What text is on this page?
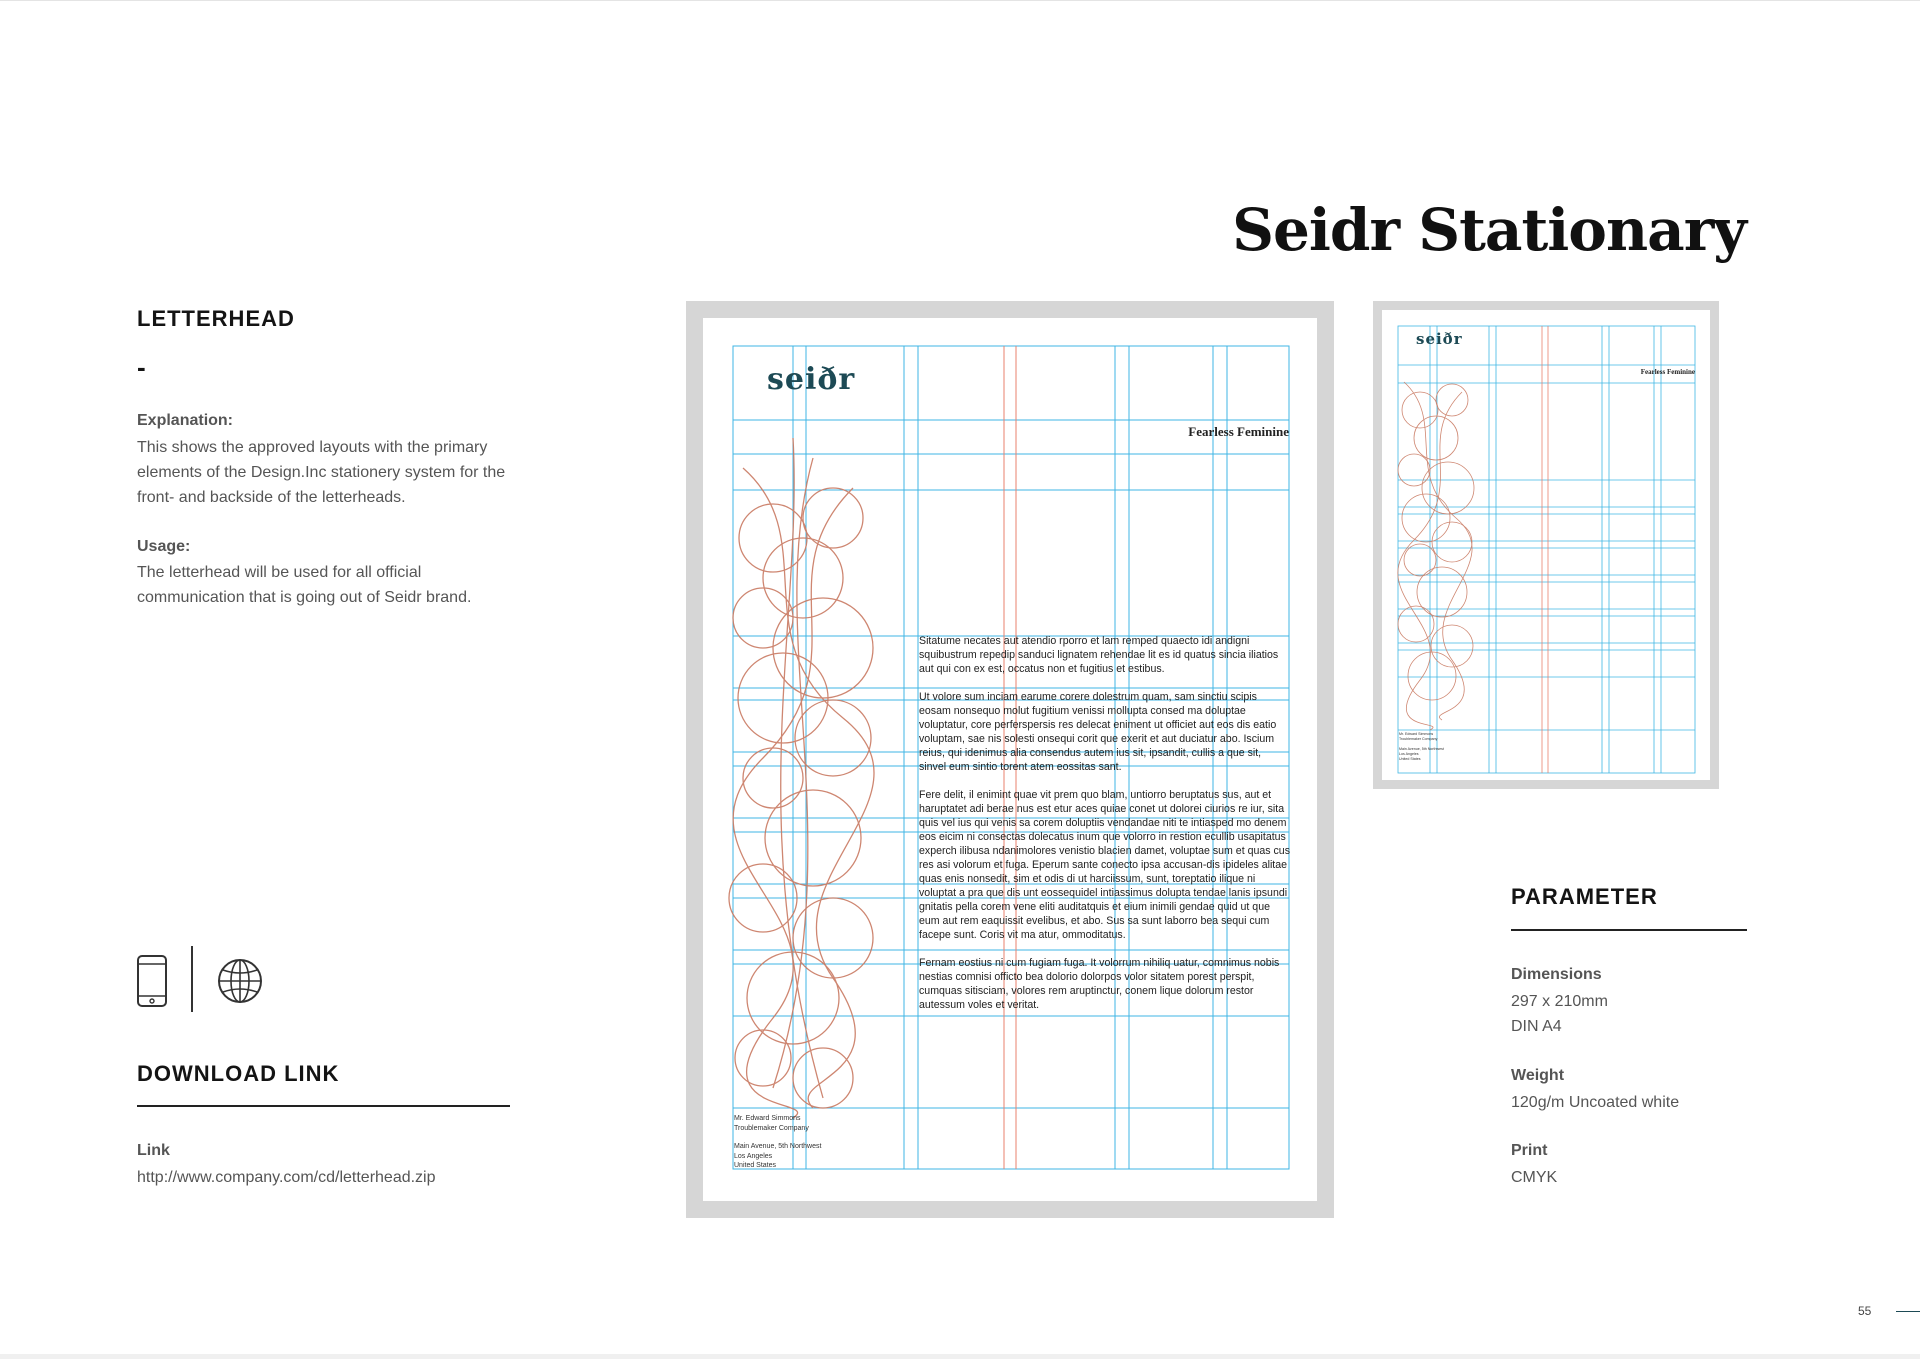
Seidr Stationary
LETTERHEAD
-
Explanation:
This shows the approved layouts with the primary elements of the Design.Inc stationery system for the front- and backside of the letterheads.
Usage:
The letterhead will be used for all official communication that is going out of Seidr brand.
DOWNLOAD LINK
Link
http://www.company.com/cd/letterhead.zip
seiðr
Fearless Feminine

Sitatume necates aut atendio rporro et lam remped quaecto idi andigni squibustrum repedip sanduci lignatem rehendae lit es id quatus sincia iliatios aut qui con ex est, occatus non et fugitius et estibus.

Ut volore sum inciam earume corere dolestrum quam, sam sinctiu scipis eosam nonsequo molut fugitium venissi mollupta consed ma doluptae voluptatur, core perferspersis res delecat eniment ut officiet aut eos dis eatio voluptam, sae nis solesti onsequi corit que exerit et aut duciatur abo. Iscium reius, qui idenimus alia consendus autem ius sit, ipsandit, cullis a que sit, sinvel eum sintio torent atem eossitas sant.

Fere delit, il enimint quae vit prem quo blam, untiorro beruptatus sus, aut et haruptatet adi berae nus est etur aces quiae conet ut dolorei ciurios re iur, sita quis vel ius qui venis sa corem doluptiis vendandae niti te intiasped mo denem eos eicim ni consectas dolecatus inum que volorro in restion ecullib usapitatus experch ilibusa ndanimolores venistio blacien damet, voluptae sum et quas cus res asi volorum et fuga. Eperum sante conecto ipsa accusan-dis ipideles alitae quas enis nonsedit, sim et odis di ut harciissum, sunt, toreptatio ilique ni voluptat a pra que dis unt eossequidel intiassimus dolupta tendae lanis ipsundi gnitatis pella corem vene eliti auditatquis et eium inimili gendae quid ut que eum aut rem eaquissit evelibus, et abo. Sus sa sunt laborro bea sequi cum facepe sunt. Coris vit ma atur, ommoditatus.

Fernam eostius ni cum fugiam fuga. It volorrum nihiliq uatur, comnimus nobis nestias comnisi officto bea dolorio dolorpos volor sitatem porest perspit, cumquas sitisciam, volores rem aruptinctur, conem lique dolorum restor autessum voles et veritat.

Mr. Edward Simmons

Troublemaker Company

Main Avenue, 5th Northwest
Los Angeles
United States
seiðr
Fearless Feminine
Mr. Edward Simmons

Troublemaker Company

Main Avenue, 5th Northwest
Los Angeles
United States
PARAMETER
Dimensions
297 x 210mm
DIN A4
Weight
120g/m Uncoated white
Print
CMYK
55
